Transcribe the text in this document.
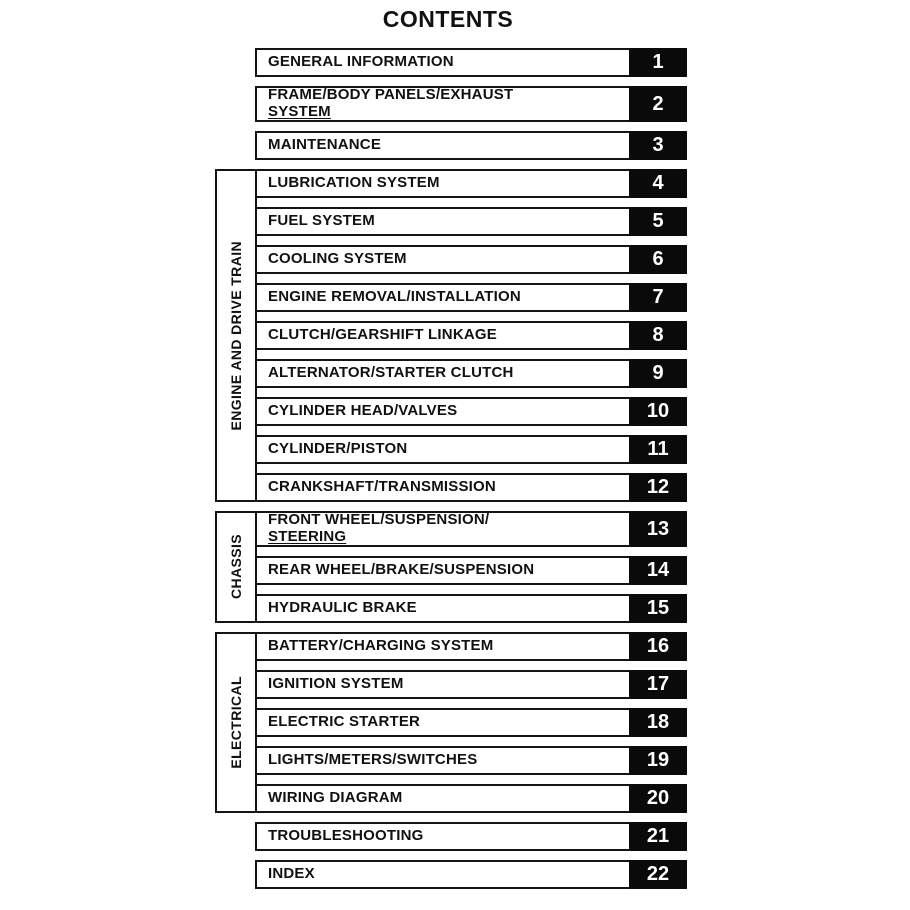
CONTENTS
GENERAL INFORMATION	1
FRAME/BODY PANELS/EXHAUST
SYSTEM	2
MAINTENANCE	3
ENGINE AND DRIVE TRAIN
LUBRICATION SYSTEM	4
FUEL SYSTEM	5
COOLING SYSTEM	6
ENGINE REMOVAL/INSTALLATION	7
CLUTCH/GEARSHIFT LINKAGE	8
ALTERNATOR/STARTER CLUTCH	9
CYLINDER HEAD/VALVES	10
CYLINDER/PISTON	11
CRANKSHAFT/TRANSMISSION	12
CHASSIS
FRONT WHEEL/SUSPENSION/
STEERING	13
REAR WHEEL/BRAKE/SUSPENSION	14
HYDRAULIC BRAKE	15
ELECTRICAL
BATTERY/CHARGING SYSTEM	16
IGNITION SYSTEM	17
ELECTRIC STARTER	18
LIGHTS/METERS/SWITCHES	19
WIRING DIAGRAM	20
TROUBLESHOOTING	21
INDEX	22
